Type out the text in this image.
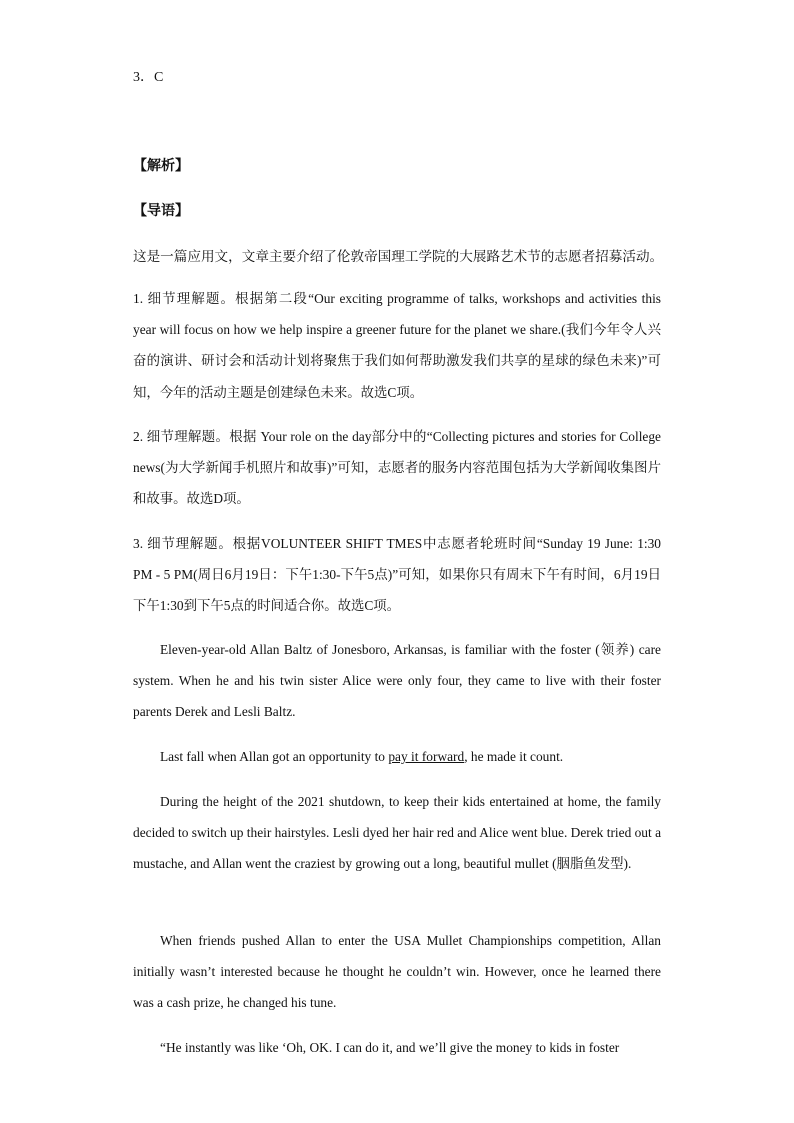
3．C
【解析】
【导语】
这是一篇应用文，文章主要介绍了伦敦帝国理工学院的大展路艺术节的志愿者招募活动。
1. 细节理解题。根据第二段“Our exciting programme of talks, workshops and activities this year will focus on how we help inspire a greener future for the planet we share.(我们今年令人兴奋的演讲、研讨会和活动计划将聚焦于我们如何帮助激发我们共享的星球的绿色未来)”可知，今年的活动主题是创建绿色未来。故选C项。
2. 细节理解题。根据 Your role on the day部分中的“Collecting pictures and stories for College news(为大学新闻手机照片和故事)”可知，志愿者的服务内容范围包括为大学新闻收集图片和故事。故选D项。
3. 细节理解题。根据VOLUNTEER SHIFT TMES中志愿者轮班时间“Sunday 19 June: 1:30 PM - 5 PM(周日6月19日：下午1:30-下午5点)”可知，如果你只有周末下午有时间，6月19日下午1:30到下午5点的时间适合你。故选C项。
Eleven-year-old Allan Baltz of Jonesboro, Arkansas, is familiar with the foster (领养) care system. When he and his twin sister Alice were only four, they came to live with their foster parents Derek and Lesli Baltz.
Last fall when Allan got an opportunity to pay it forward, he made it count.
During the height of the 2021 shutdown, to keep their kids entertained at home, the family decided to switch up their hairstyles. Lesli dyed her hair red and Alice went blue. Derek tried out a mustache, and Allan went the craziest by growing out a long, beautiful mullet (胭脂鱼发型).
When friends pushed Allan to enter the USA Mullet Championships competition, Allan initially wasn’t interested because he thought he couldn’t win. However, once he learned there was a cash prize, he changed his tune.
“He instantly was like ‘Oh, OK. I can do it, and we’ll give the money to kids in foster
